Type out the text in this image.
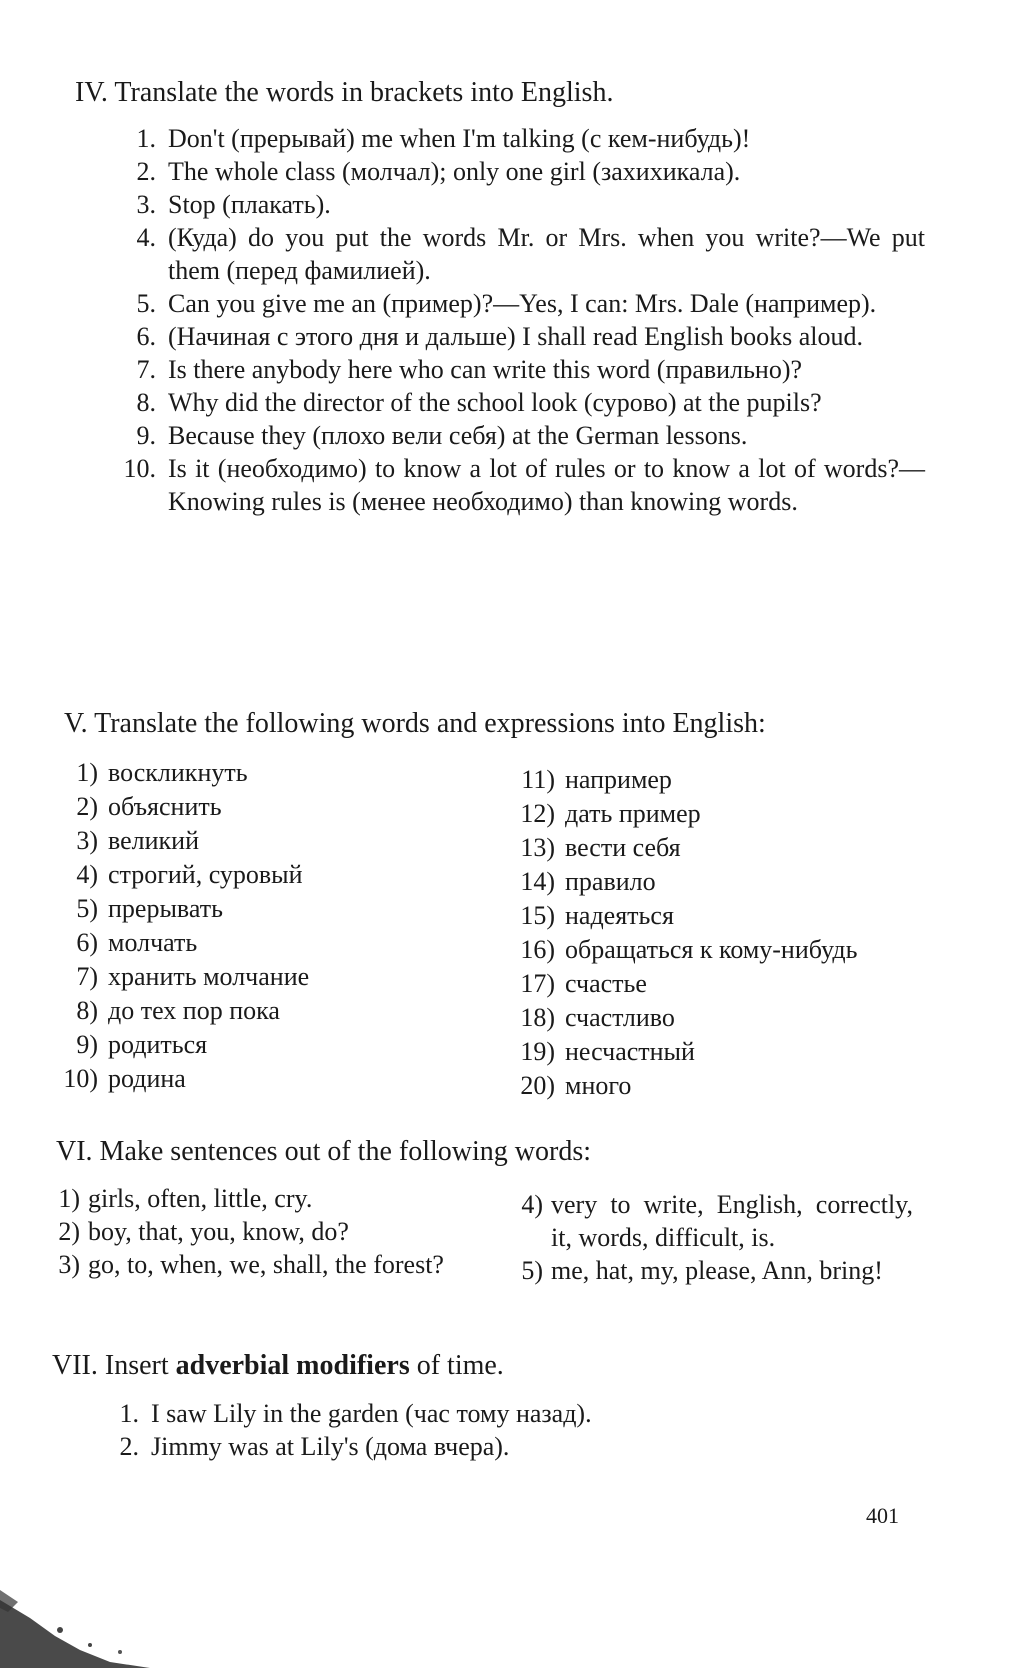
IV. Translate the words in brackets into English.
1. Don't (прерывай) me when I'm talking (с кем-нибудь)!
2. The whole class (молчал); only one girl (захихикала).
3. Stop (плакать).
4. (Куда) do you put the words Mr. or Mrs. when you write?—We put them (перед фамилией).
5. Can you give me an (пример)?—Yes, I can: Mrs. Dale (например).
6. (Начиная с этого дня и дальше) I shall read English books aloud.
7. Is there anybody here who can write this word (правильно)?
8. Why did the director of the school look (сурово) at the pupils?
9. Because they (плохо вели себя) at the German lessons.
10. Is it (необходимо) to know a lot of rules or to know a lot of words?—Knowing rules is (менее необходимо) than knowing words.
V. Translate the following words and expressions into English:
1) воскликнуть
2) объяснить
3) великий
4) строгий, суровый
5) прерывать
6) молчать
7) хранить молчание
8) до тех пор пока
9) родиться
10) родина
11) например
12) дать пример
13) вести себя
14) правило
15) надеяться
16) обращаться к кому-нибудь
17) счастье
18) счастливо
19) несчастный
20) много
VI. Make sentences out of the following words:
1) girls, often, little, cry.
2) boy, that, you, know, do?
3) go, to, when, we, shall, the forest?
4) very to write, English, correctly, it, words, difficult, is.
5) me, hat, my, please, Ann, bring!
VII. Insert adverbial modifiers of time.
1. I saw Lily in the garden (час тому назад).
2. Jimmy was at Lily's (дома вчера).
401
